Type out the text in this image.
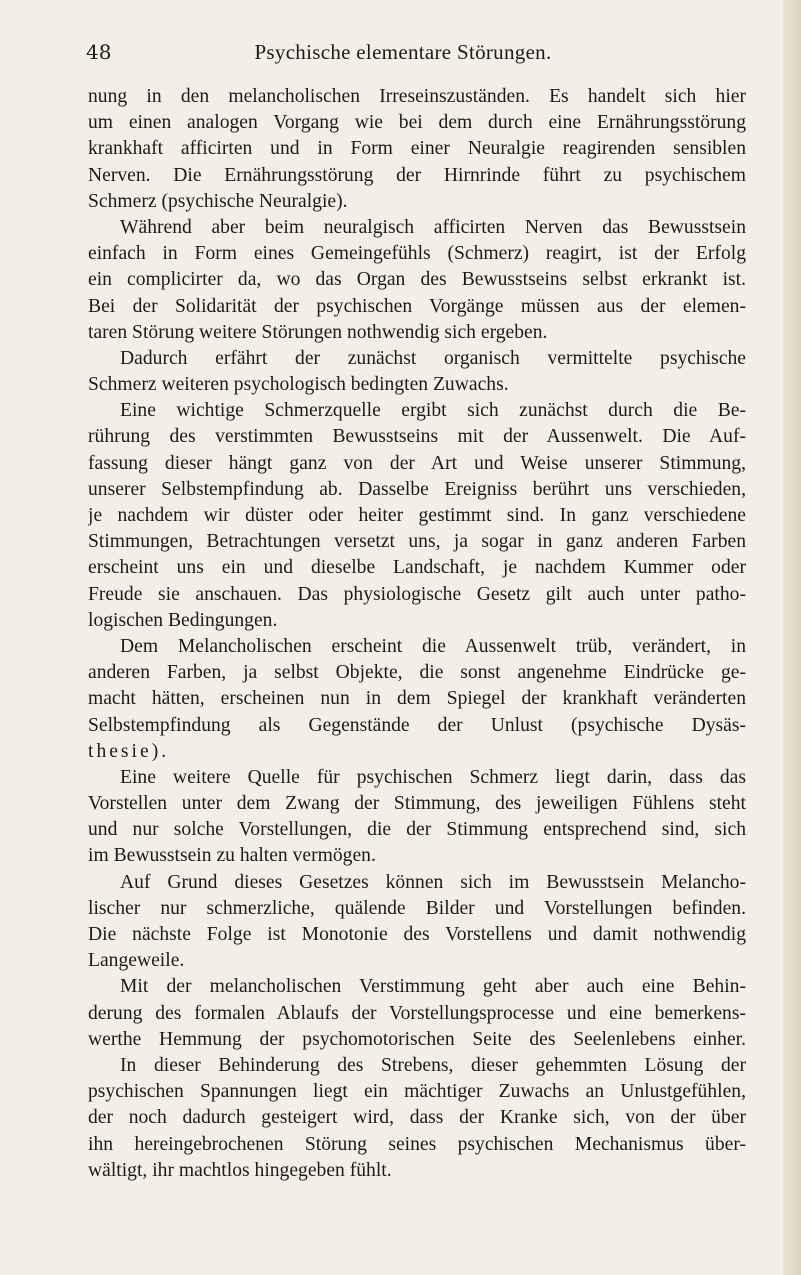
48	Psychische elementare Störungen.
nung in den melancholischen Irreseinszuständen. Es handelt sich hier
um einen analogen Vorgang wie bei dem durch eine Ernährungsstörung
krankhaft afficirten und in Form einer Neuralgie reagirenden sensiblen
Nerven. Die Ernährungsstörung der Hirnrinde führt zu psychischem
Schmerz (psychische Neuralgie).
Während aber beim neuralgisch afficirten Nerven das Bewusstsein
einfach in Form eines Gemeingefühls (Schmerz) reagirt, ist der Erfolg
ein complicirter da, wo das Organ des Bewusstseins selbst erkrankt ist.
Bei der Solidarität der psychischen Vorgänge müssen aus der elemen-
taren Störung weitere Störungen nothwendig sich ergeben.
Dadurch erfährt der zunächst organisch vermittelte psychische
Schmerz weiteren psychologisch bedingten Zuwachs.
Eine wichtige Schmerzquelle ergibt sich zunächst durch die Be-
rührung des verstimmten Bewusstseins mit der Aussenwelt. Die Auf-
fassung dieser hängt ganz von der Art und Weise unserer Stimmung,
unserer Selbstempfindung ab. Dasselbe Ereigniss berührt uns verschieden,
je nachdem wir düster oder heiter gestimmt sind. In ganz verschiedene
Stimmungen, Betrachtungen versetzt uns, ja sogar in ganz anderen Farben
erscheint uns ein und dieselbe Landschaft, je nachdem Kummer oder
Freude sie anschauen. Das physiologische Gesetz gilt auch unter patho-
logischen Bedingungen.
Dem Melancholischen erscheint die Aussenwelt trüb, verändert, in
anderen Farben, ja selbst Objekte, die sonst angenehme Eindrücke ge-
macht hätten, erscheinen nun in dem Spiegel der krankhaft veränderten
Selbstempfindung als Gegenstände der Unlust (psychische Dysäs-
thesie).
Eine weitere Quelle für psychischen Schmerz liegt darin, dass das
Vorstellen unter dem Zwang der Stimmung, des jeweiligen Fühlens steht
und nur solche Vorstellungen, die der Stimmung entsprechend sind, sich
im Bewusstsein zu halten vermögen.
Auf Grund dieses Gesetzes können sich im Bewusstsein Melancho-
lischer nur schmerzliche, quälende Bilder und Vorstellungen befinden.
Die nächste Folge ist Monotonie des Vorstellens und damit nothwendig
Langeweile.
Mit der melancholischen Verstimmung geht aber auch eine Behin-
derung des formalen Ablaufs der Vorstellungsprocesse und eine bemerkens-
werthe Hemmung der psychomotorischen Seite des Seelenlebens einher.
In dieser Behinderung des Strebens, dieser gehemmten Lösung der
psychischen Spannungen liegt ein mächtiger Zuwachs an Unlustgefühlen,
der noch dadurch gesteigert wird, dass der Kranke sich, von der über
ihn hereingebrochenen Störung seines psychischen Mechanismus über-
wältigt, ihr machtlos hingegeben fühlt.
